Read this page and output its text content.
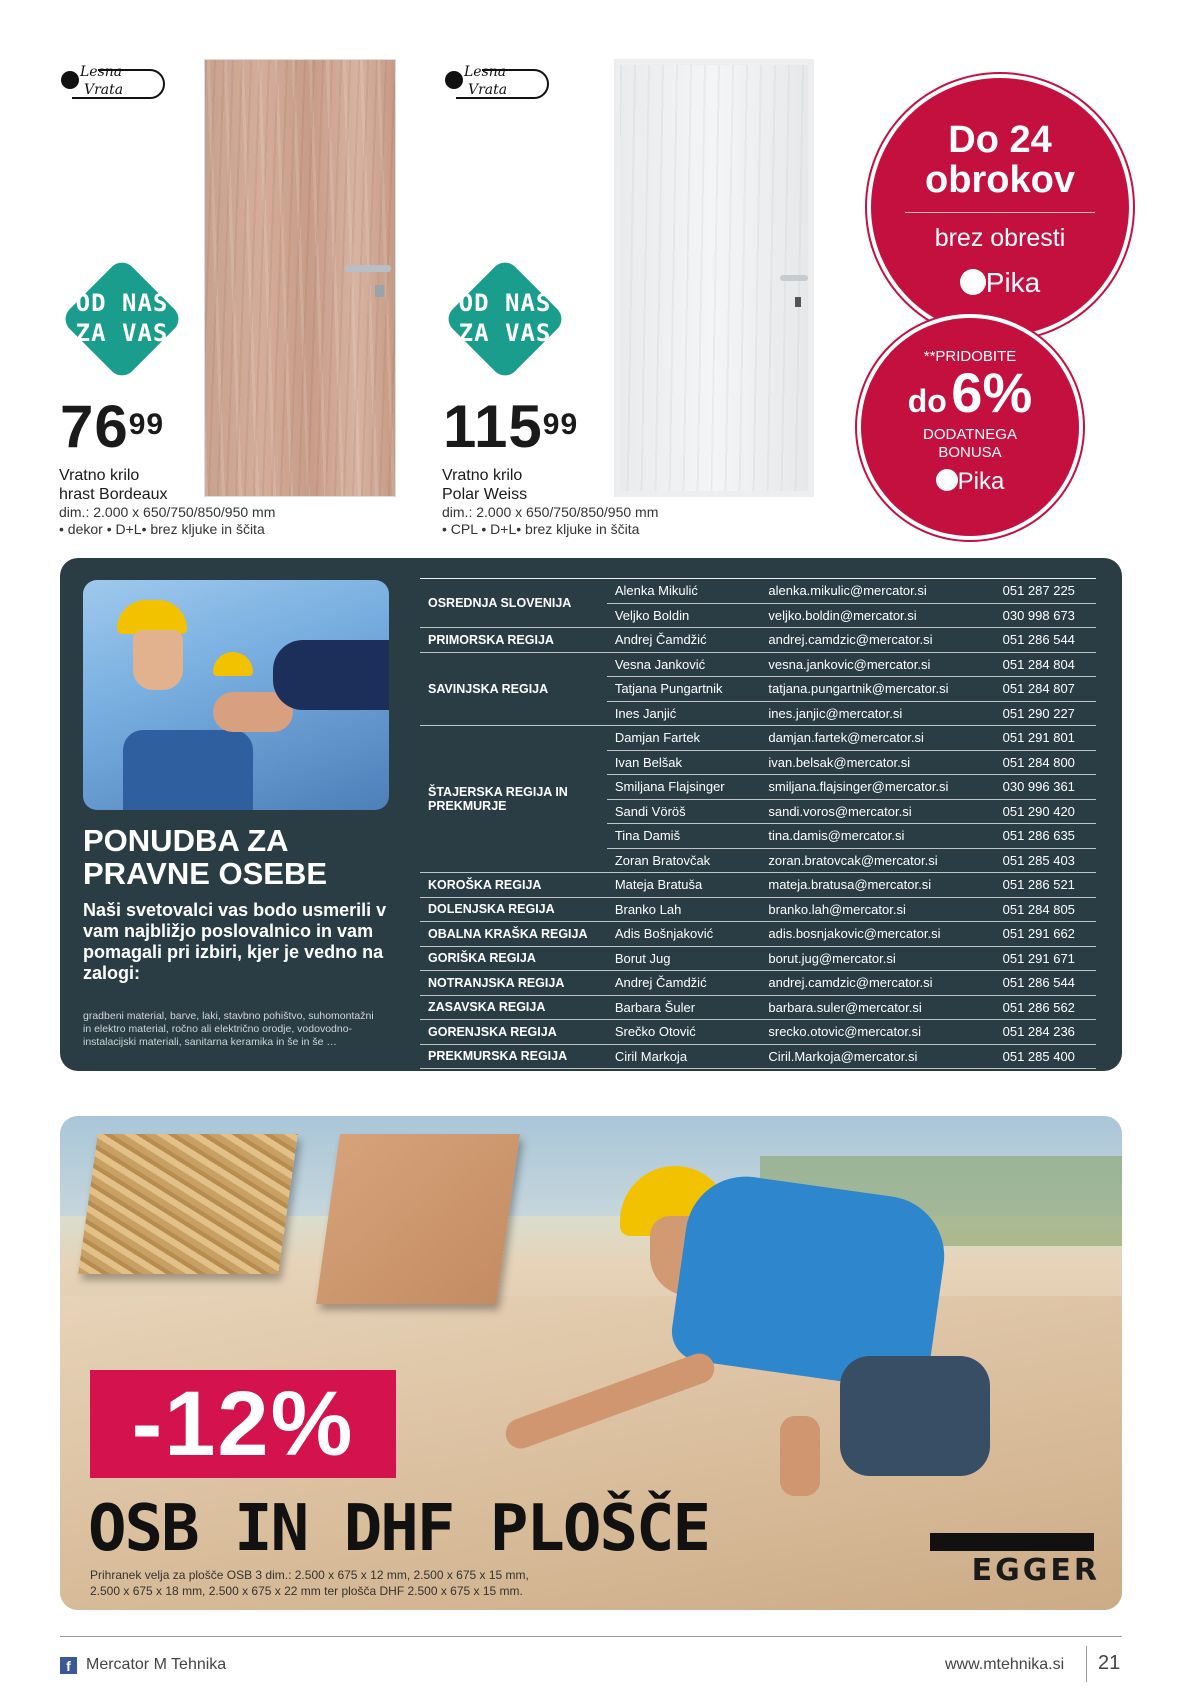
Lesna
Vrata
OD NAS
ZA VAS
$76^{99}$
Vratno krilo
hrast Bordeaux
dim.: 2.000 x 650/750/850/950 mm
• dekor • D+L• brez kljuke in ščita
Lesna
Vrata
OD NAS
ZA VAS
$115^{99}$
Vratno krilo
Polar Weiss
dim.: 2.000 x 650/750/850/950 mm
• CPL • D+L• brez kljuke in ščita
Do 24
obrokov
brez obresti
Pika
**PRIDOBITE
do 6%
DODATNEGA
BONUSA
Pika
PONUDBA ZA
PRAVNE OSEBE
Naši svetovalci vas bodo usmerili v vam najbližjo poslovalnico in vam pomagali pri izbiri, kjer je vedno na zalogi:
gradbeni material, barve, laki, stavbno pohištvo, suhomontažni in elektro material, ročno ali električno orodje, vodovodno-instalacijski materiali, sanitarna keramika in še in še …
OSREDNJA SLOVENIJA	Alenka Mikulić	alenka.mikulic@mercator.si	051 287 225
	Veljko Boldin	veljko.boldin@mercator.si	030 998 673
PRIMORSKA REGIJA	Andrej Čamdžić	andrej.camdzic@mercator.si	051 286 544
SAVINJSKA REGIJA	Vesna Janković	vesna.jankovic@mercator.si	051 284 804
	Tatjana Pungartnik	tatjana.pungartnik@mercator.si	051 284 807
	Ines Janjić	ines.janjic@mercator.si	051 290 227
ŠTAJERSKA REGIJA IN PREKMURJE	Damjan Fartek	damjan.fartek@mercator.si	051 291 801
	Ivan Belšak	ivan.belsak@mercator.si	051 284 800
	Smiljana Flajsinger	smiljana.flajsinger@mercator.si	030 996 361
	Sandi Vöröš	sandi.voros@mercator.si	051 290 420
	Tina Damiš	tina.damis@mercator.si	051 286 635
	Zoran Bratovčak	zoran.bratovcak@mercator.si	051 285 403
KOROŠKA REGIJA	Mateja Bratuša	mateja.bratusa@mercator.si	051 286 521
DOLENJSKA REGIJA	Branko Lah	branko.lah@mercator.si	051 284 805
OBALNA KRAŠKA REGIJA	Adis Bošnjaković	adis.bosnjakovic@mercator.si	051 291 662
GORIŠKA REGIJA	Borut Jug	borut.jug@mercator.si	051 291 671
NOTRANJSKA REGIJA	Andrej Čamdžić	andrej.camdzic@mercator.si	051 286 544
ZASAVSKA REGIJA	Barbara Šuler	barbara.suler@mercator.si	051 286 562
GORENJSKA REGIJA	Srečko Otović	srecko.otovic@mercator.si	051 284 236
PREKMURSKA REGIJA	Ciril Markoja	Ciril.Markoja@mercator.si	051 285 400
-12%
OSB IN DHF PLOŠČE
Prihranek velja za plošče OSB 3 dim.: 2.500 x 675 x 12 mm, 2.500 x 675 x 15 mm,
2.500 x 675 x 18 mm, 2.500 x 675 x 22 mm ter plošča DHF 2.500 x 675 x 15 mm.
EGGER
f Mercator M Tehnika	www.mtehnika.si 21
